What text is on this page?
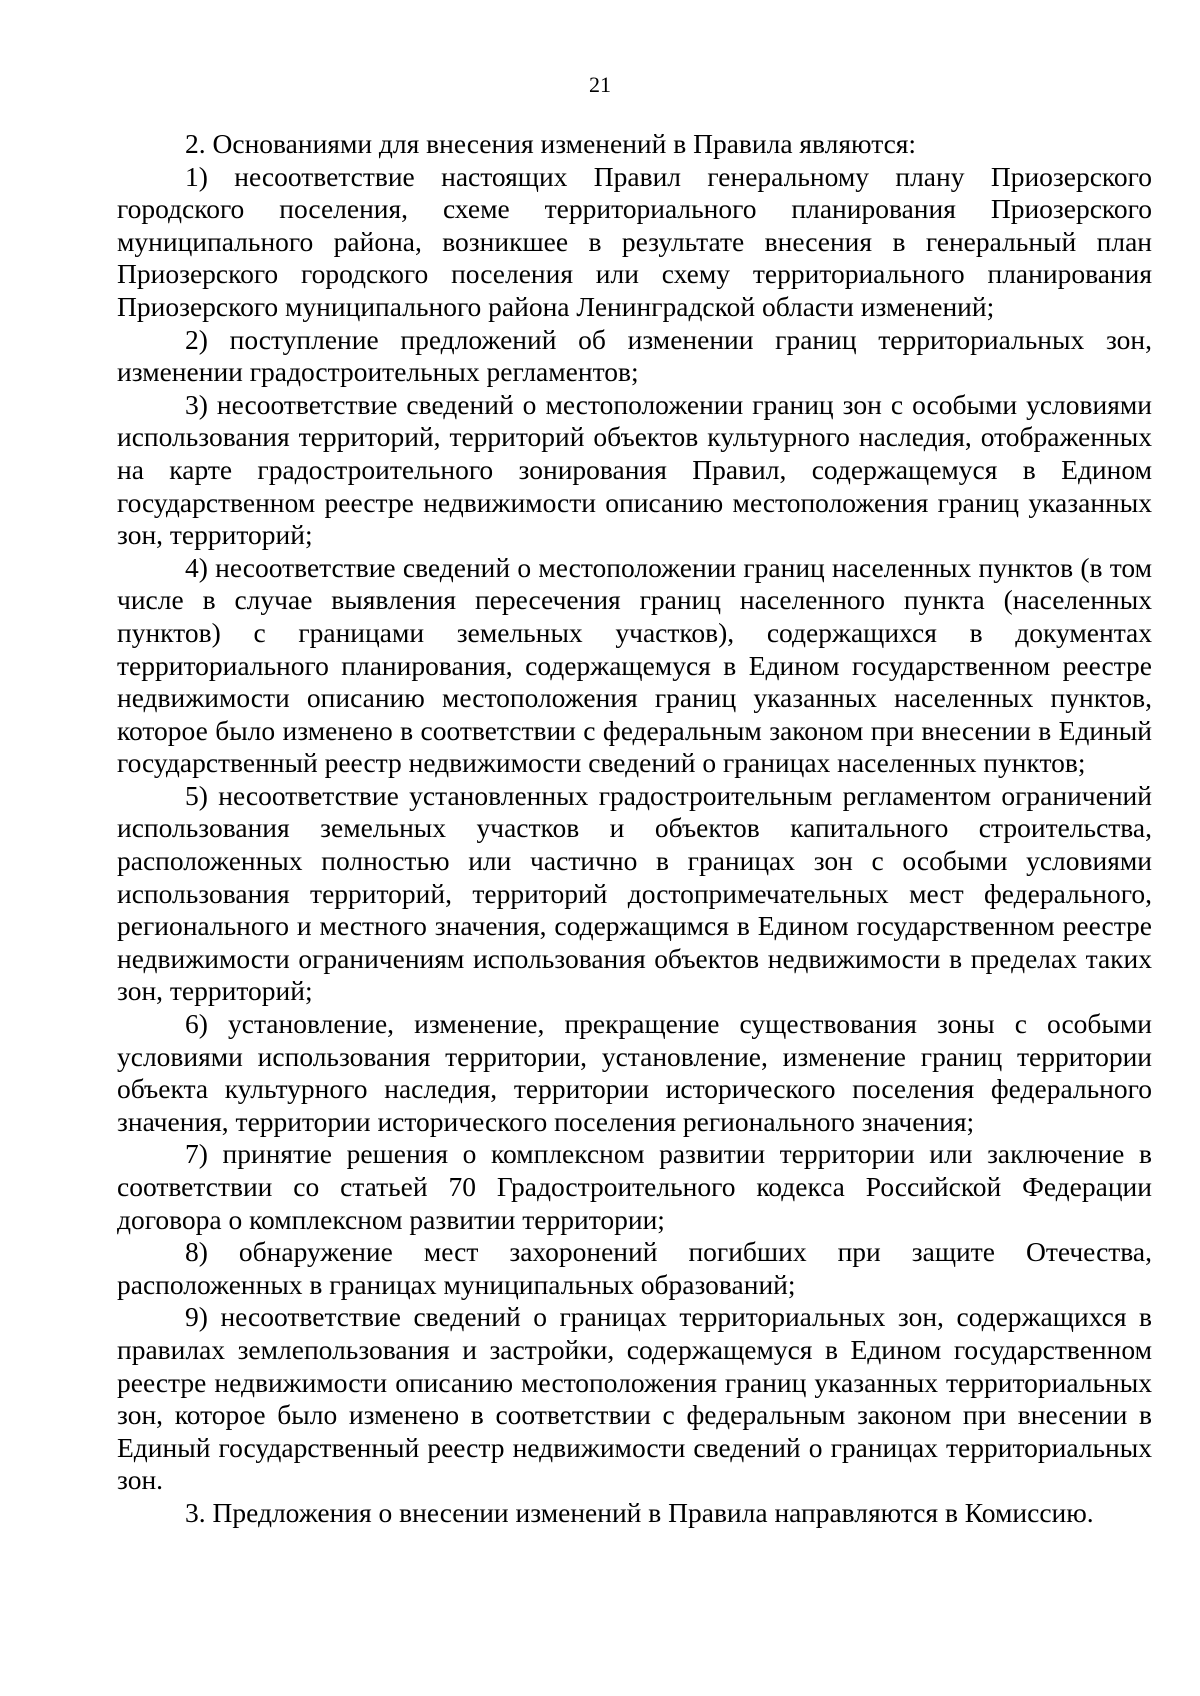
21

2. Основаниями для внесения изменений в Правила являются:

1) несоответствие настоящих Правил генеральному плану Приозерского городского поселения, схеме территориального планирования Приозерского муниципального района, возникшее в результате внесения в генеральный план Приозерского городского поселения или схему территориального планирования Приозерского муниципального района Ленинградской области изменений;

2) поступление предложений об изменении границ территориальных зон, изменении градостроительных регламентов;

3) несоответствие сведений о местоположении границ зон с особыми условиями использования территорий, территорий объектов культурного наследия, отображенных на карте градостроительного зонирования Правил, содержащемуся в Едином государственном реестре недвижимости описанию местоположения границ указанных зон, территорий;

4) несоответствие сведений о местоположении границ населенных пунктов (в том числе в случае выявления пересечения границ населенного пункта (населенных пунктов) с границами земельных участков), содержащихся в документах территориального планирования, содержащемуся в Едином государственном реестре недвижимости описанию местоположения границ указанных населенных пунктов, которое было изменено в соответствии с федеральным законом при внесении в Единый государственный реестр недвижимости сведений о границах населенных пунктов;

5) несоответствие установленных градостроительным регламентом ограничений использования земельных участков и объектов капитального строительства, расположенных полностью или частично в границах зон с особыми условиями использования территорий, территорий достопримечательных мест федерального, регионального и местного значения, содержащимся в Едином государственном реестре недвижимости ограничениям использования объектов недвижимости в пределах таких зон, территорий;

6) установление, изменение, прекращение существования зоны с особыми условиями использования территории, установление, изменение границ территории объекта культурного наследия, территории исторического поселения федерального значения, территории исторического поселения регионального значения;

7) принятие решения о комплексном развитии территории или заключение в соответствии со статьей 70 Градостроительного кодекса Российской Федерации договора о комплексном развитии территории;

8) обнаружение мест захоронений погибших при защите Отечества, расположенных в границах муниципальных образований;

9) несоответствие сведений о границах территориальных зон, содержащихся в правилах землепользования и застройки, содержащемуся в Едином государственном реестре недвижимости описанию местоположения границ указанных территориальных зон, которое было изменено в соответствии с федеральным законом при внесении в Единый государственный реестр недвижимости сведений о границах территориальных зон.

3. Предложения о внесении изменений в Правила направляются в Комиссию.
